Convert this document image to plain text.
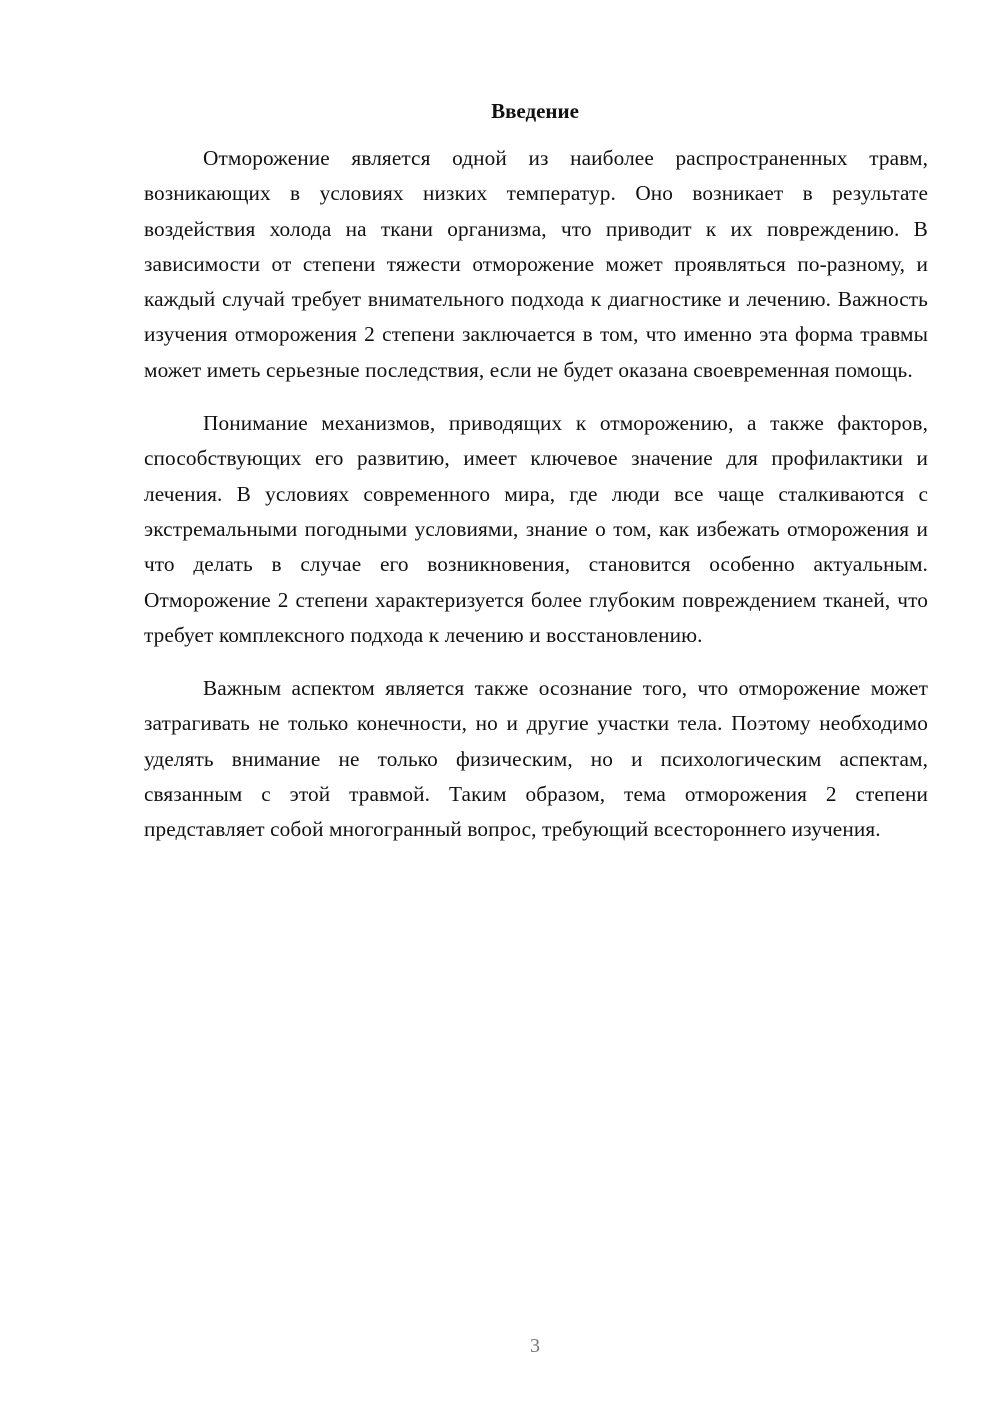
Введение

Отморожение является одной из наиболее распространенных травм, возникающих в условиях низких температур. Оно возникает в результате воздействия холода на ткани организма, что приводит к их повреждению. В зависимости от степени тяжести отморожение может проявляться по-разному, и каждый случай требует внимательного подхода к диагностике и лечению. Важность изучения отморожения 2 степени заключается в том, что именно эта форма травмы может иметь серьезные последствия, если не будет оказана своевременная помощь.

Понимание механизмов, приводящих к отморожению, а также факторов, способствующих его развитию, имеет ключевое значение для профилактики и лечения. В условиях современного мира, где люди все чаще сталкиваются с экстремальными погодными условиями, знание о том, как избежать отморожения и что делать в случае его возникновения, становится особенно актуальным. Отморожение 2 степени характеризуется более глубоким повреждением тканей, что требует комплексного подхода к лечению и восстановлению.

Важным аспектом является также осознание того, что отморожение может затрагивать не только конечности, но и другие участки тела. Поэтому необходимо уделять внимание не только физическим, но и психологическим аспектам, связанным с этой травмой. Таким образом, тема отморожения 2 степени представляет собой многогранный вопрос, требующий всестороннего изучения.

3
